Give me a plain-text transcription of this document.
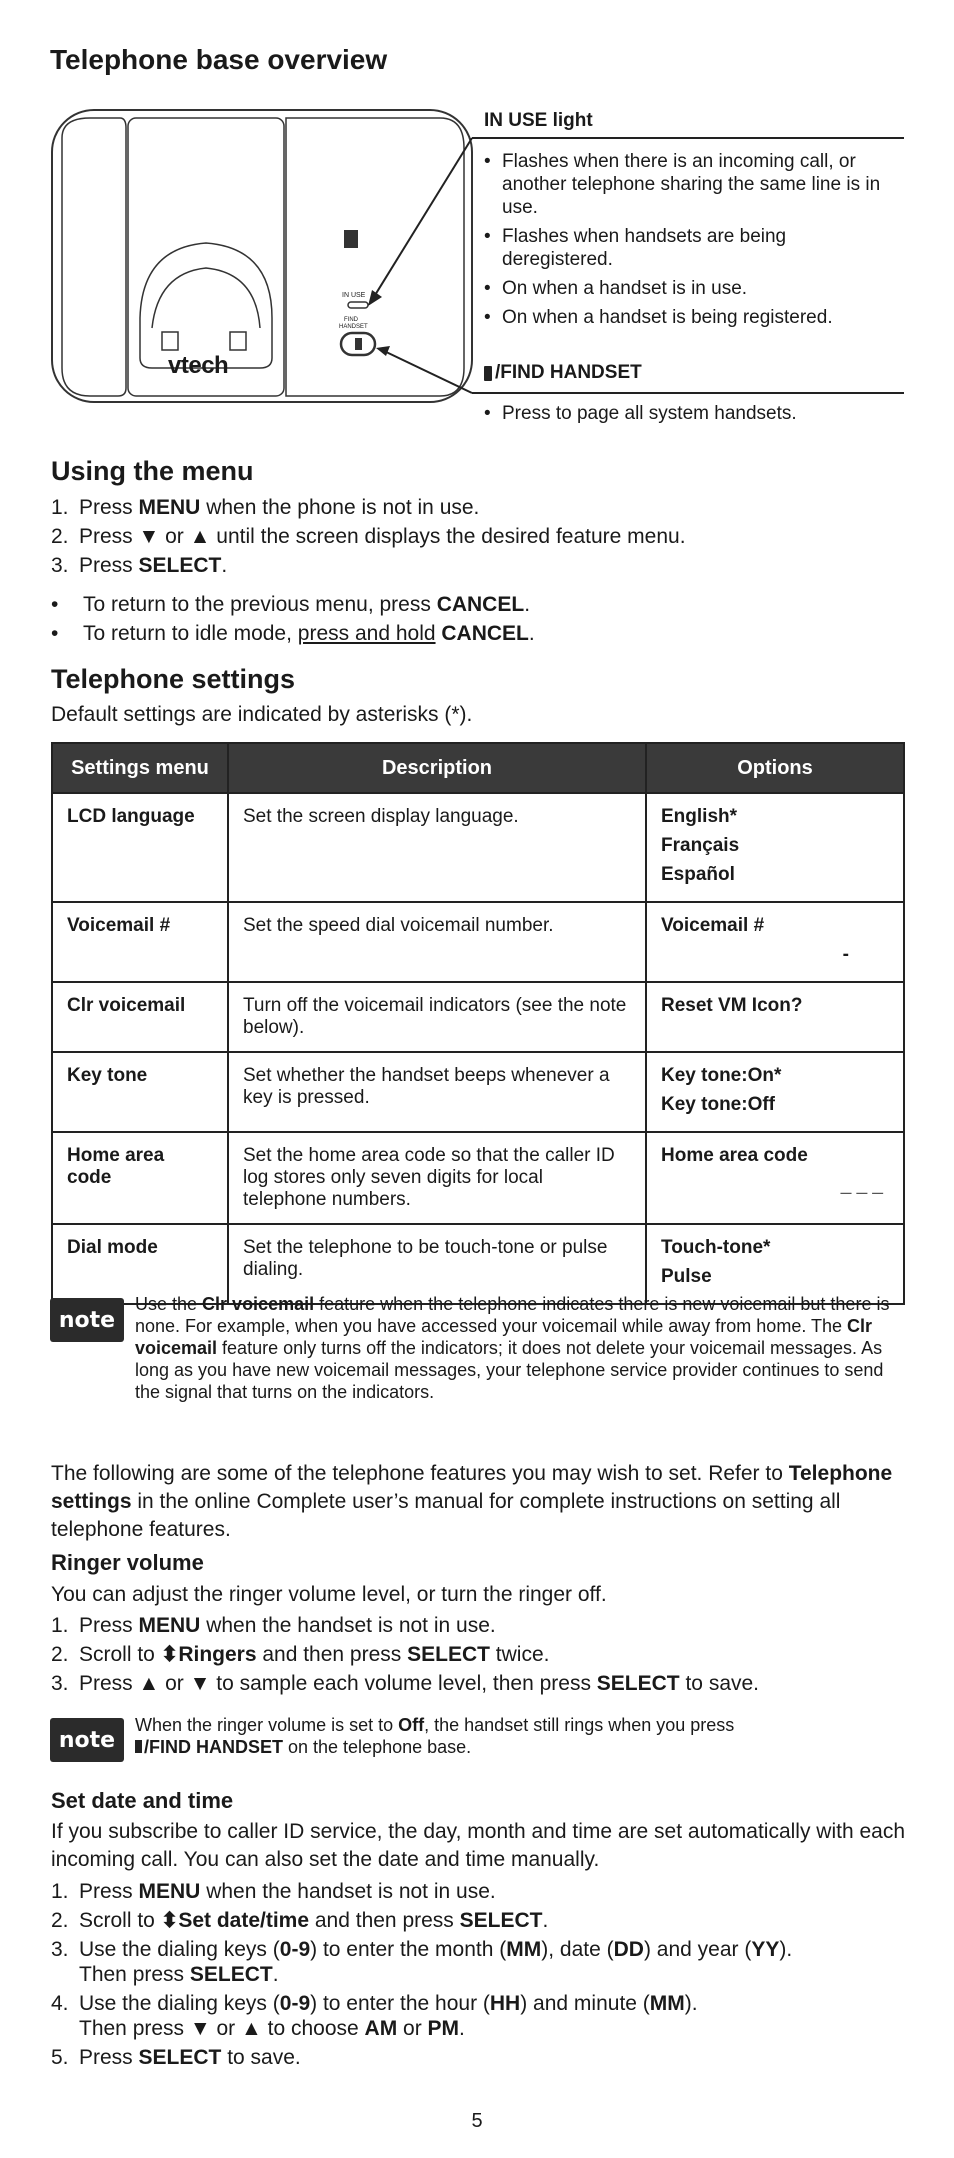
Telephone base overview
vtech
IN USE
FIND
HANDSET
IN USE light
• Flashes when there is an incoming call, or another telephone sharing the same line is in use.
• Flashes when handsets are being deregistered.
• On when a handset is in use.
• On when a handset is being registered.
/FIND HANDSET
• Press to page all system handsets.
Using the menu
1. Press MENU when the phone is not in use.
2. Press ▼ or ▲ until the screen displays the desired feature menu.
3. Press SELECT.
• To return to the previous menu, press CANCEL.
• To return to idle mode, press and hold CANCEL.
Telephone settings
Default settings are indicated by asterisks (*).
Settings menu	Description	Options
LCD language	Set the screen display language.	English*
Français
Español
Voicemail #	Set the speed dial voicemail number.	Voicemail #

-

Clr voicemail	Turn off the voicemail indicators (see the note below).	Reset VM Icon?
Key tone	Set whether the handset beeps whenever a key is pressed.	Key tone:On*
Key tone:Off
Home area code	Set the home area code so that the caller ID log stores only seven digits for local telephone numbers.	Home area code

_ _ _

Dial mode	Set the telephone to be touch-tone or pulse dialing.	Touch-tone*
Pulse
note
Use the Clr voicemail feature when the telephone indicates there is new voicemail but there is none. For example, when you have accessed your voicemail while away from home. The Clr voicemail feature only turns off the indicators; it does not delete your voicemail messages. As long as you have new voicemail messages, your telephone service provider continues to send the signal that turns on the indicators.
The following are some of the telephone features you may wish to set. Refer to Telephone settings in the online Complete user’s manual for complete instructions on setting all telephone features.
Ringer volume
You can adjust the ringer volume level, or turn the ringer off.
1. Press MENU when the handset is not in use.
2. Scroll to ⬍Ringers and then press SELECT twice.
3. Press ▲ or ▼ to sample each volume level, then press SELECT to save.
note
When the ringer volume is set to Off, the handset still rings when you press
/FIND HANDSET on the telephone base.
Set date and time
If you subscribe to caller ID service, the day, month and time are set automatically with each incoming call. You can also set the date and time manually.
1. Press MENU when the handset is not in use.
2. Scroll to ⬍Set date/time and then press SELECT.
3. Use the dialing keys (0-9) to enter the month (MM), date (DD) and year (YY).
Then press SELECT.
4. Use the dialing keys (0-9) to enter the hour (HH) and minute (MM).
Then press ▼ or ▲ to choose AM or PM.
5. Press SELECT to save.
5
